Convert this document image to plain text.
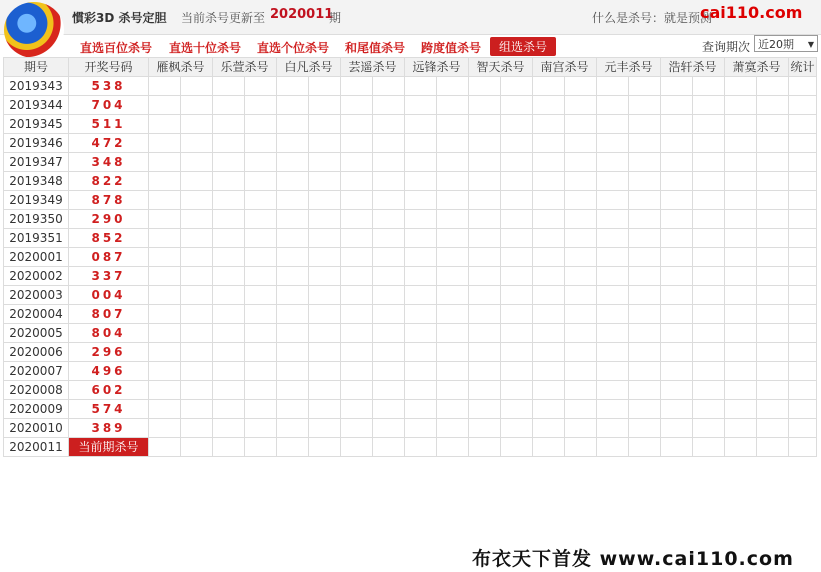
慣彩3D 杀号定胆 当前杀号更新至 2020011
期	什么是杀号：就是预测
cai110.com
直选百位杀号 直选十位杀号 直选个位杀号 和尾值杀号 跨度值杀号	组选杀号	查询期次 近20期 ▼
期号	开奖号码	雁枫杀号		乐萱杀号		白凡杀号		芸遥杀号		远锋杀号		智天杀号		南宫杀号		元丰杀号		浩轩杀号		萧寞杀号		统计
2019343	538																					
2019344	704																					
2019345	511																					
2019346	472																					
2019347	348																					
2019348	822																					
2019349	878																					
2019350	290																					
2019351	852																					
2020001	087																					
2020002	337																					
2020003	004																					
2020004	807																					
2020005	804																					
2020006	296																					
2020007	496																					
2020008	602																					
2020009	574																					
2020010	389																					
2020011	当前期杀号																					
布衣天下首发 www.cai110.com
